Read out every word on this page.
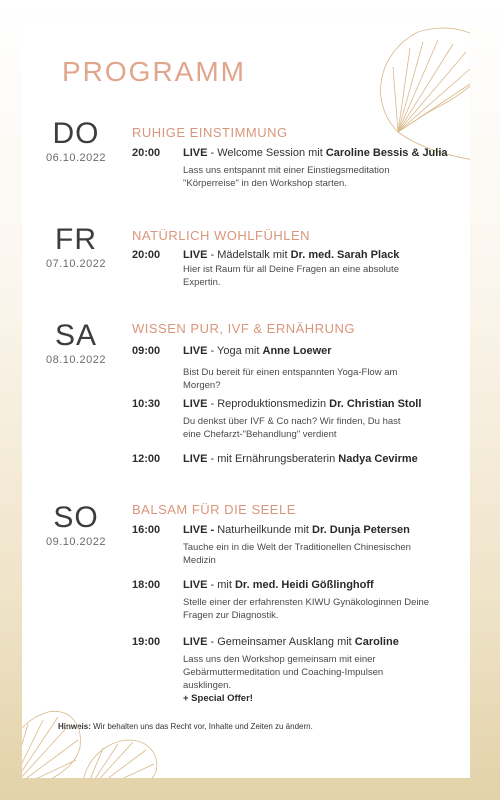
PROGRAMM
DO
06.10.2022
RUHIGE EINSTIMMUNG
20:00	LIVE - Welcome Session mit Caroline Bessis & Julia
Lass uns entspannt mit einer Einstiegsmeditation "Körperreise" in den Workshop starten.
FR
07.10.2022
NATÜRLICH WOHLFÜHLEN
20:00	LIVE - Mädelstalk mit Dr. med. Sarah Plack
Hier ist Raum für all Deine Fragen an eine absolute Expertin.
SA
08.10.2022
WISSEN PUR, IVF & ERNÄHRUNG
09:00	LIVE - Yoga mit Anne Loewer
Bist Du bereit für einen entspannten Yoga-Flow am Morgen?
10:30	LIVE - Reproduktionsmedizin Dr. Christian Stoll
Du denkst über IVF & Co nach? Wir finden, Du hast eine Chefarzt-"Behandlung" verdient
12:00	LIVE - mit Ernährungsberaterin Nadya Cevirme
SO
09.10.2022
BALSAM FÜR DIE SEELE
16:00	LIVE - Naturheilkunde mit Dr. Dunja Petersen
Tauche ein in die Welt der Traditionellen Chinesischen Medizin
18:00	LIVE - mit Dr. med. Heidi Gößlinghoff
Stelle einer der erfahrensten KIWU Gynäkologinnen Deine Fragen zur Diagnostik.
19:00	LIVE - Gemeinsamer Ausklang mit Caroline
Lass uns den Workshop gemeinsam mit einer Gebärmuttermeditation und Coaching-Impulsen ausklingen.
+ Special Offer!
Hinweis: Wir behalten uns das Recht vor, Inhalte und Zeiten zu ändern.
